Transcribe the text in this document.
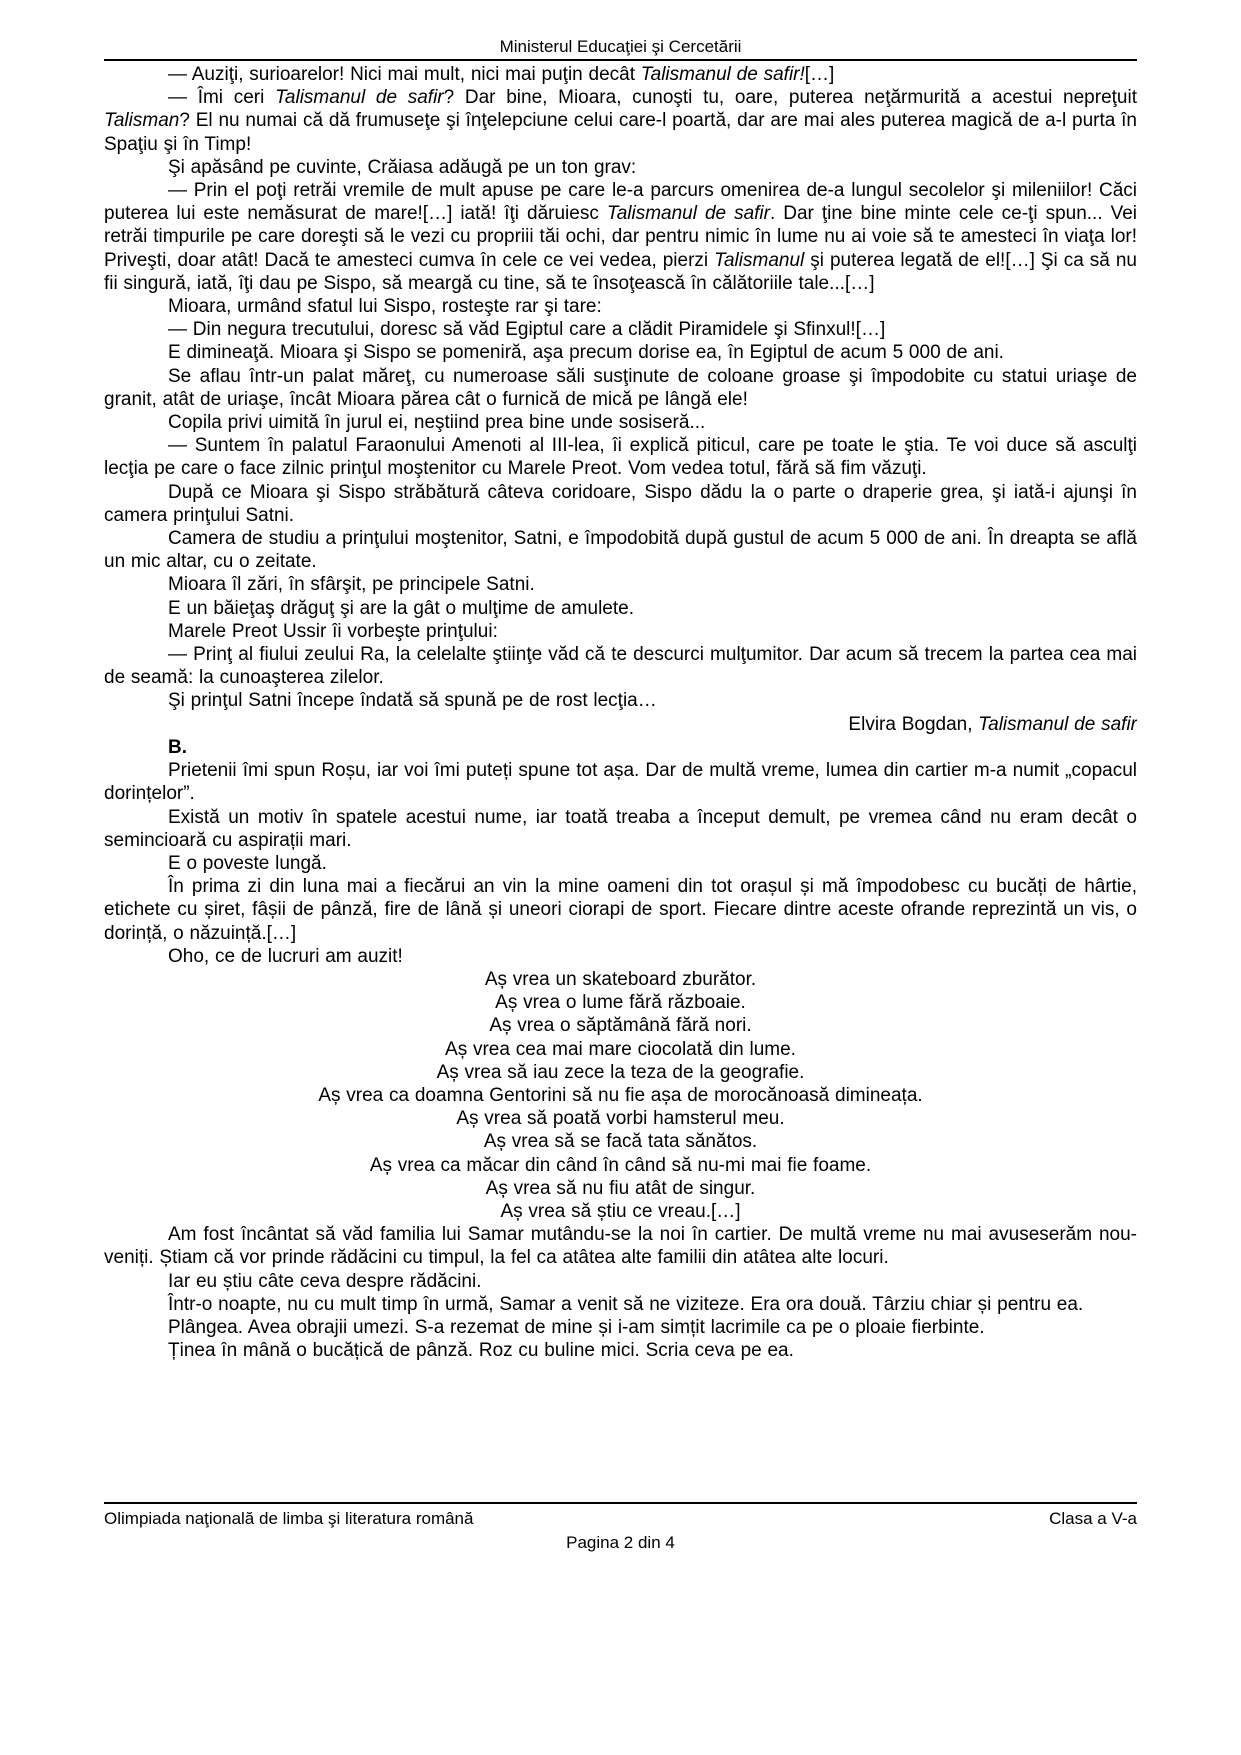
Ministerul Educaţiei şi Cercetării

— Auziţi, surioarelor! Nici mai mult, nici mai puţin decât Talismanul de safir![…]

— Îmi ceri Talismanul de safir? Dar bine, Mioara, cunoşti tu, oare, puterea neţărmurită a acestui nepreţuit Talisman? El nu numai că dă frumuseţe şi înţelepciune celui care-l poartă, dar are mai ales puterea magică de a-l purta în Spaţiu şi în Timp!

Şi apăsând pe cuvinte, Crăiasa adăugă pe un ton grav:

— Prin el poţi retrăi vremile de mult apuse pe care le-a parcurs omenirea de-a lungul secolelor şi mileniilor! Căci puterea lui este nemăsurat de mare![…] iată! îţi dăruiesc Talismanul de safir. Dar ţine bine minte cele ce-ţi spun... Vei retrăi timpurile pe care doreşti să le vezi cu propriii tăi ochi, dar pentru nimic în lume nu ai voie să te amesteci în viaţa lor! Priveşti, doar atât! Dacă te amesteci cumva în cele ce vei vedea, pierzi Talismanul şi puterea legată de el![…] Şi ca să nu fii singură, iată, îţi dau pe Sispo, să meargă cu tine, să te însoţească în călătoriile tale...[…]

Mioara, urmând sfatul lui Sispo, rosteşte rar şi tare:

— Din negura trecutului, doresc să văd Egiptul care a clădit Piramidele şi Sfinxul![…]

E dimineaţă. Mioara şi Sispo se pomeniră, aşa precum dorise ea, în Egiptul de acum 5 000 de ani.

Se aflau într-un palat măreţ, cu numeroase săli susţinute de coloane groase şi împodobite cu statui uriaşe de granit, atât de uriaşe, încât Mioara părea cât o furnică de mică pe lângă ele!

Copila privi uimită în jurul ei, neştiind prea bine unde sosiseră...

— Suntem în palatul Faraonului Amenoti al III-lea, îi explică piticul, care pe toate le ştia. Te voi duce să asculţi lecţia pe care o face zilnic prinţul moştenitor cu Marele Preot. Vom vedea totul, fără să fim văzuţi.

După ce Mioara şi Sispo străbătură câteva coridoare, Sispo dădu la o parte o draperie grea, şi iată-i ajunşi în camera prinţului Satni.

Camera de studiu a prinţului moştenitor, Satni, e împodobită după gustul de acum 5 000 de ani. În dreapta se află un mic altar, cu o zeitate.

Mioara îl zări, în sfârşit, pe principele Satni.

E un băieţaş drăguţ şi are la gât o mulţime de amulete.

Marele Preot Ussir îi vorbeşte prinţului:

— Prinţ al fiului zeului Ra, la celelalte ştiinţe văd că te descurci mulţumitor. Dar acum să trecem la partea cea mai de seamă: la cunoaşterea zilelor.

Şi prinţul Satni începe îndată să spună pe de rost lecţia…

Elvira Bogdan, Talismanul de safir

B.

Prietenii îmi spun Roșu, iar voi îmi puteți spune tot așa. Dar de multă vreme, lumea din cartier m-a numit „copacul dorințelor”.

Există un motiv în spatele acestui nume, iar toată treaba a început demult, pe vremea când nu eram decât o semincioară cu aspirații mari.

E o poveste lungă.

În prima zi din luna mai a fiecărui an vin la mine oameni din tot orașul și mă împodobesc cu bucăți de hârtie, etichete cu șiret, fâșii de pânză, fire de lână și uneori ciorapi de sport. Fiecare dintre aceste ofrande reprezintă un vis, o dorință, o năzuință.[…]

Oho, ce de lucruri am auzit!

Aș vrea un skateboard zburător.

Aș vrea o lume fără războaie.

Aș vrea o săptămână fără nori.

Aș vrea cea mai mare ciocolată din lume.

Aș vrea să iau zece la teza de la geografie.

Aș vrea ca doamna Gentorini să nu fie așa de morocănoasă dimineața.

Aș vrea să poată vorbi hamsterul meu.

Aș vrea să se facă tata sănătos.

Aș vrea ca măcar din când în când să nu-mi mai fie foame.

Aș vrea să nu fiu atât de singur.

Aș vrea să știu ce vreau.[…]

Am fost încântat să văd familia lui Samar mutându-se la noi în cartier. De multă vreme nu mai avuseserăm nou-veniți. Știam că vor prinde rădăcini cu timpul, la fel ca atâtea alte familii din atâtea alte locuri.

Iar eu știu câte ceva despre rădăcini.

Într-o noapte, nu cu mult timp în urmă, Samar a venit să ne viziteze. Era ora două. Târziu chiar și pentru ea.

Plângea. Avea obrajii umezi. S-a rezemat de mine și i-am simțit lacrimile ca pe o ploaie fierbinte.

Ținea în mână o bucățică de pânză. Roz cu buline mici. Scria ceva pe ea.

Olimpiada naţională de limba şi literatura română	Clasa a V-a
Pagina 2 din 4
